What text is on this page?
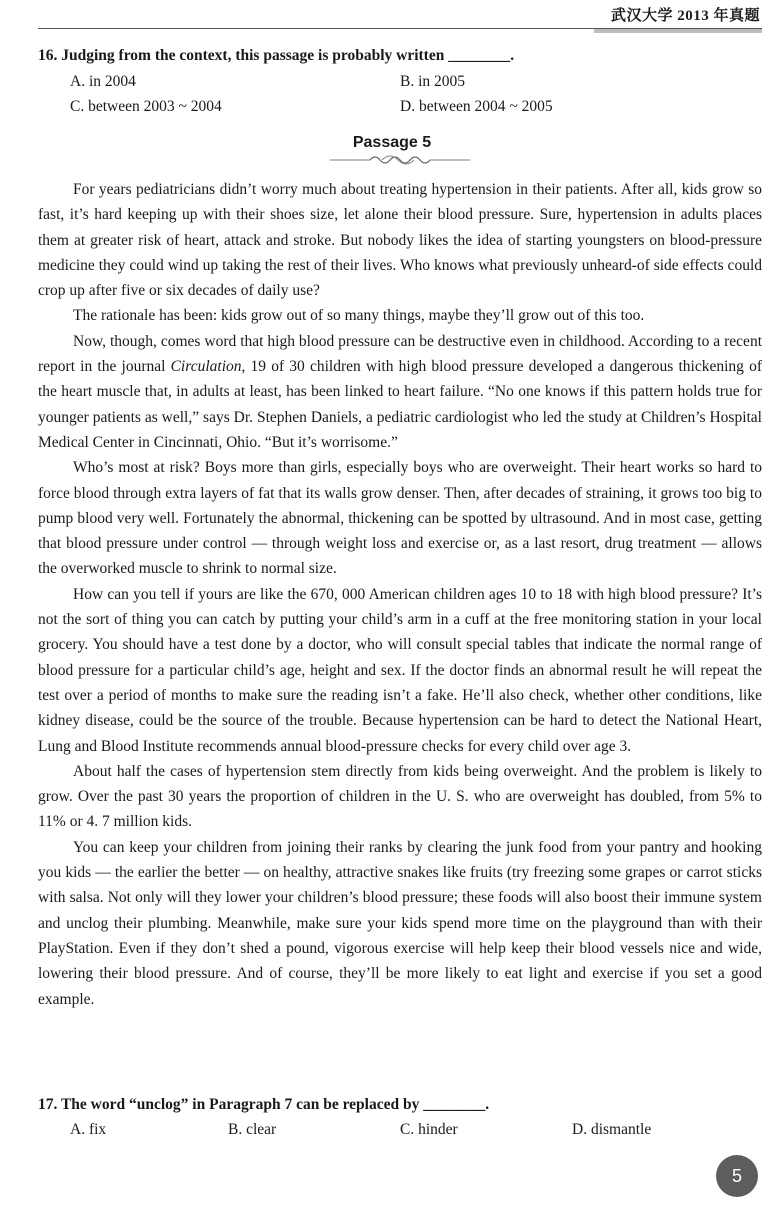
武汉大学 2013 年真题
16. Judging from the context, this passage is probably written ________.
A. in 2004	B. in 2005
C. between 2003 ~ 2004	D. between 2004 ~ 2005
Passage 5

For years pediatricians didn’t worry much about treating hypertension in their patients. After all, kids grow so fast, it’s hard keeping up with their shoes size, let alone their blood pressure. Sure, hypertension in adults places them at greater risk of heart, attack and stroke. But nobody likes the idea of starting youngsters on blood-pressure medicine they could wind up taking the rest of their lives. Who knows what previously unheard-of side effects could crop up after five or six decades of daily use?

The rationale has been: kids grow out of so many things, maybe they’ll grow out of this too.

Now, though, comes word that high blood pressure can be destructive even in childhood. According to a recent report in the journal Circulation, 19 of 30 children with high blood pressure developed a dangerous thickening of the heart muscle that, in adults at least, has been linked to heart failure. “No one knows if this pattern holds true for younger patients as well,” says Dr. Stephen Daniels, a pediatric cardiologist who led the study at Children’s Hospital Medical Center in Cincinnati, Ohio. “But it’s worrisome.”

Who’s most at risk? Boys more than girls, especially boys who are overweight. Their heart works so hard to force blood through extra layers of fat that its walls grow denser. Then, after decades of straining, it grows too big to pump blood very well. Fortunately the abnormal, thickening can be spotted by ultrasound. And in most case, getting that blood pressure under control — through weight loss and exercise or, as a last resort, drug treatment — allows the overworked muscle to shrink to normal size.

How can you tell if yours are like the 670, 000 American children ages 10 to 18 with high blood pressure? It’s not the sort of thing you can catch by putting your child’s arm in a cuff at the free monitoring station in your local grocery. You should have a test done by a doctor, who will consult special tables that indicate the normal range of blood pressure for a particular child’s age, height and sex. If the doctor finds an abnormal result he will repeat the test over a period of months to make sure the reading isn’t a fake. He’ll also check, whether other conditions, like kidney disease, could be the source of the trouble. Because hypertension can be hard to detect the National Heart, Lung and Blood Institute recommends annual blood-pressure checks for every child over age 3.

About half the cases of hypertension stem directly from kids being overweight. And the problem is likely to grow. Over the past 30 years the proportion of children in the U. S. who are overweight has doubled, from 5% to 11% or 4. 7 million kids.

You can keep your children from joining their ranks by clearing the junk food from your pantry and hooking you kids — the earlier the better — on healthy, attractive snakes like fruits (try freezing some grapes or carrot sticks with salsa. Not only will they lower your children’s blood pressure; these foods will also boost their immune system and unclog their plumbing. Meanwhile, make sure your kids spend more time on the playground than with their PlayStation. Even if they don’t shed a pound, vigorous exercise will help keep their blood vessels nice and wide, lowering their blood pressure. And of course, they’ll be more likely to eat light and exercise if you set a good example.

17. The word “unclog” in Paragraph 7 can be replaced by ________.
A. fix	B. clear	C. hinder	D. dismantle
5
